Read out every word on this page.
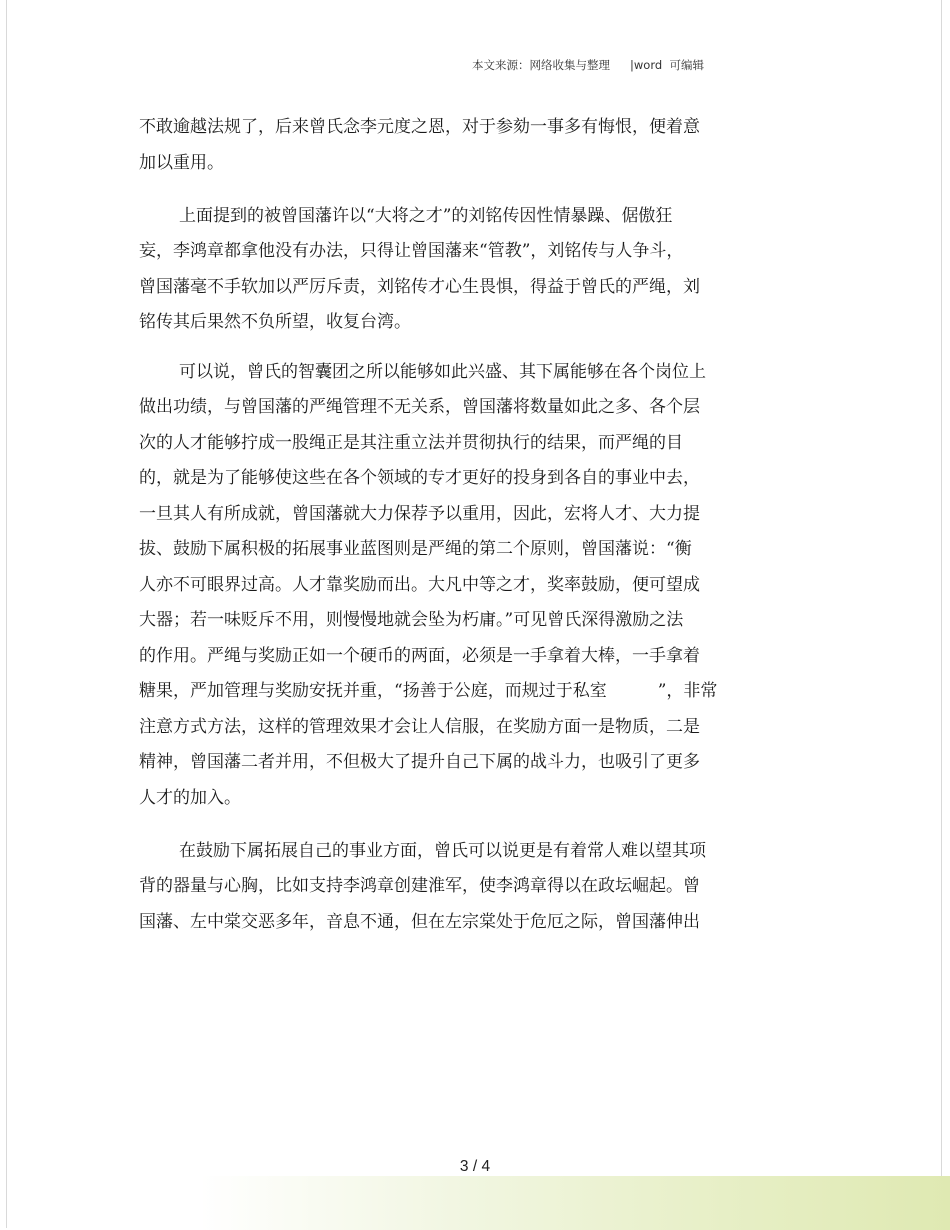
本文来源：网络收集与整理 |word  可编辑
不敢逾越法规了，后来曾氏念李元度之恩，对于参劾一事多有悔恨，便着意
加以重用。
上面提到的被曾国藩许以“大将之才”的刘铭传因性情暴躁、倨傲狂
妄，李鸿章都拿他没有办法，只得让曾国藩来“管教”，刘铭传与人争斗，
曾国藩毫不手软加以严厉斥责，刘铭传才心生畏惧，得益于曾氏的严绳，刘
铭传其后果然不负所望，收复台湾。
可以说，曾氏的智囊团之所以能够如此兴盛、其下属能够在各个岗位上
做出功绩，与曾国藩的严绳管理不无关系，曾国藩将数量如此之多、各个层
次的人才能够拧成一股绳正是其注重立法并贯彻执行的结果，而严绳的目
的，就是为了能够使这些在各个领域的专才更好的投身到各自的事业中去，
一旦其人有所成就，曾国藩就大力保荐予以重用，因此，宏将人才、大力提
拔、鼓励下属积极的拓展事业蓝图则是严绳的第二个原则，曾国藩说：“衡
人亦不可眼界过高。人才靠奖励而出。大凡中等之才，奖率鼓励，便可望成
大器；若一味贬斥不用，则慢慢地就会坠为朽庸。”可见曾氏深得激励之法
的作用。严绳与奖励正如一个硬币的两面，必须是一手拿着大棒，一手拿着
糖果，严加管理与奖励安抚并重，“扬善于公庭，而规过于私室　　　”，非常
注意方式方法，这样的管理效果才会让人信服，在奖励方面一是物质，二是
精神，曾国藩二者并用，不但极大了提升自己下属的战斗力，也吸引了更多
人才的加入。
在鼓励下属拓展自己的事业方面，曾氏可以说更是有着常人难以望其项
背的器量与心胸，比如支持李鸿章创建淮军，使李鸿章得以在政坛崛起。曾
国藩、左中棠交恶多年，音息不通，但在左宗棠处于危厄之际，曾国藩伸出
3 / 4
